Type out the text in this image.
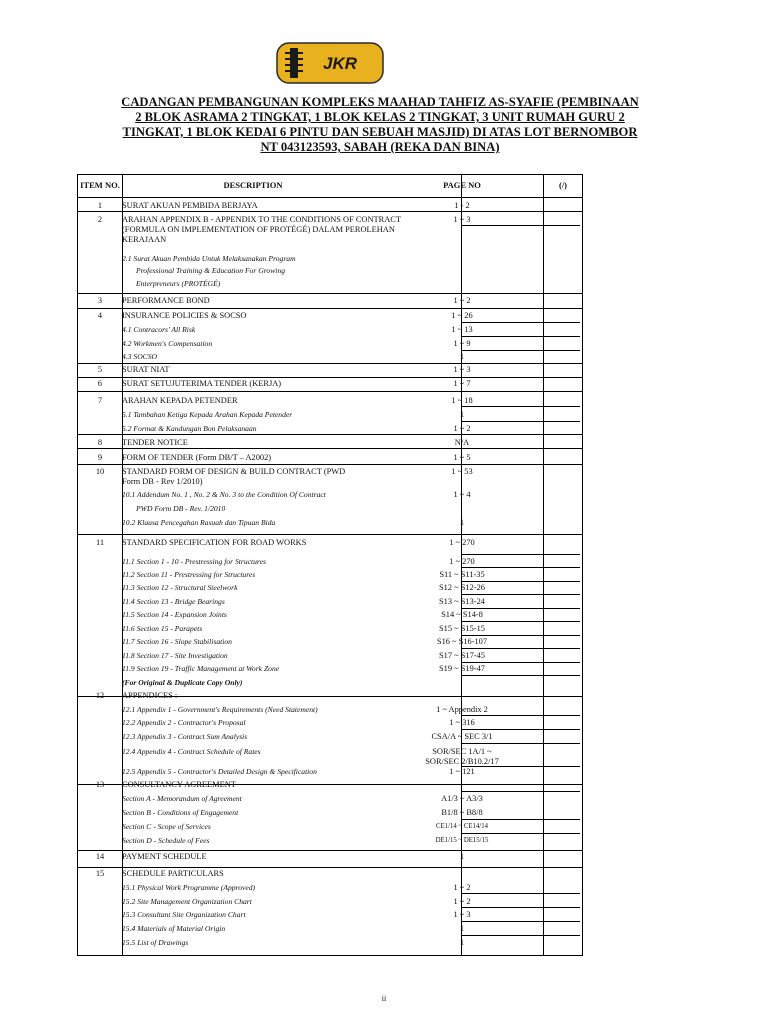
JKR
CADANGAN PEMBANGUNAN KOMPLEKS MAAHAD TAHFIZ AS-SYAFIE (PEMBINAAN
2 BLOK ASRAMA 2 TINGKAT, 1 BLOK KELAS 2 TINGKAT, 3 UNIT RUMAH GURU 2
TINGKAT, 1 BLOK KEDAI 6 PINTU DAN SEBUAH MASJID) DI ATAS LOT BERNOMBOR
NT 043123593, SABAH (REKA DAN BINA)
ITEM NO.	DESCRIPTION	PAGE NO	(/)
1	SURAT AKUAN PEMBIDA BERJAYA	1 - 2
2	ARAHAN APPENDIX B - APPENDIX TO THE CONDITIONS OF CONTRACT	1 ~ 3
(FORMULA ON IMPLEMENTATION OF PROTÉGÉ) DALAM PEROLEHAN
KERAJAAN
2.1 Surat Akuan Pembida Untuk Melaksanakan Program
Professional Training & Education For Growing
Enterpreneurs (PROTÉGÉ)
3	PERFORMANCE BOND	1 ~ 2
4	INSURANCE POLICIES & SOCSO	1 ~ 26
4.1 Contracors' All Risk	1 ~ 13
4.2 Workmen's Compensation	1 ~ 9
4.3 SOCSO	1
5	SURAT NIAT	1 ~ 3
6	SURAT SETUJUTERIMA TENDER (KERJA)	1 ~ 7
7	ARAHAN KEPADA PETENDER	1 ~ 18
5.1 Tambahan Ketiga Kepada Arahan Kepada Petender	1
5.2 Format & Kandungan Bon Pelaksanaan	1 ~ 2
8	TENDER NOTICE	N/A
9	FORM OF TENDER (Form DB/T – A2002)	1 ~ 5
10	STANDARD FORM OF DESIGN & BUILD CONTRACT (PWD	1 ~ 53
Form DB - Rev 1/2010)
10.1 Addendum No. 1 , No. 2 & No. 3 to the Condition Of Contract	1 ~ 4
PWD Form DB - Rev. 1/2010
10.2 Klausa Pencegahan Rasuah dan Tipuan Bida	1
11	STANDARD SPECIFICATION FOR ROAD WORKS	1 ~ 270
11.1 Section 1 - 10 - Prestressing for Structures	1 ~ 270
11.2 Section 11 - Prestressing for Structures	S11 ~ S11-35
11.3 Section 12 - Structural Steelwork	S12 ~ S12-26
11.4 Section 13 - Bridge Bearings	S13 ~ S13-24
11.5 Section 14 - Expansion Joints	S14 ~ S14-8
11.6 Section 15 - Parapets	S15 ~ S15-15
11.7 Section 16 - Slope Stabilisation	S16 ~ S16-107
11.8 Section 17 - Site Investigation	S17 ~ S17-45
11.9 Section 19 - Traffic Management at Work Zone	S19 ~ S19-47
(For Original & Duplicate Copy Only)
12	APPENDICES :
12.1 Appendix 1 - Government's Requirements (Need Statement)	1 ~ Appendix 2
12.2 Appendix 2 - Contractor's Proposal	1 ~ 316
12.3 Appendix 3 - Contract Sum Analysis	CSA/A ~ SEC 3/1
12.4 Appendix 4 - Contract Schedule of Rates	SOR/SEC 1A/1 ~
SOR/SEC 2/B10.2/17
12.5 Appendix 5 - Contractor's Detailed Design & Specification	1 ~ 121
13	CONSULTANCY AGREEMENT
Section A - Memorandum of Agreement	A1/3 ~ A3/3
Section B - Conditions of Engagement	B1/8 ~ B8/8
Section C - Scope of Services	CE1/14 ~ CE14/14
Section D - Schedule of Fees	DE1/15 ~ DE15/15
14	PAYMENT SCHEDULE	1
15	SCHEDULE PARTICULARS
15.1 Physical Work Programme (Approved)	1 ~ 2
15.2 Site Management Organization Chart	1 ~ 2
15.3 Consultant Site Organization Chart	1 ~ 3
15.4 Materials of Material Origin	1
15.5 List of Drawings	1
ii
